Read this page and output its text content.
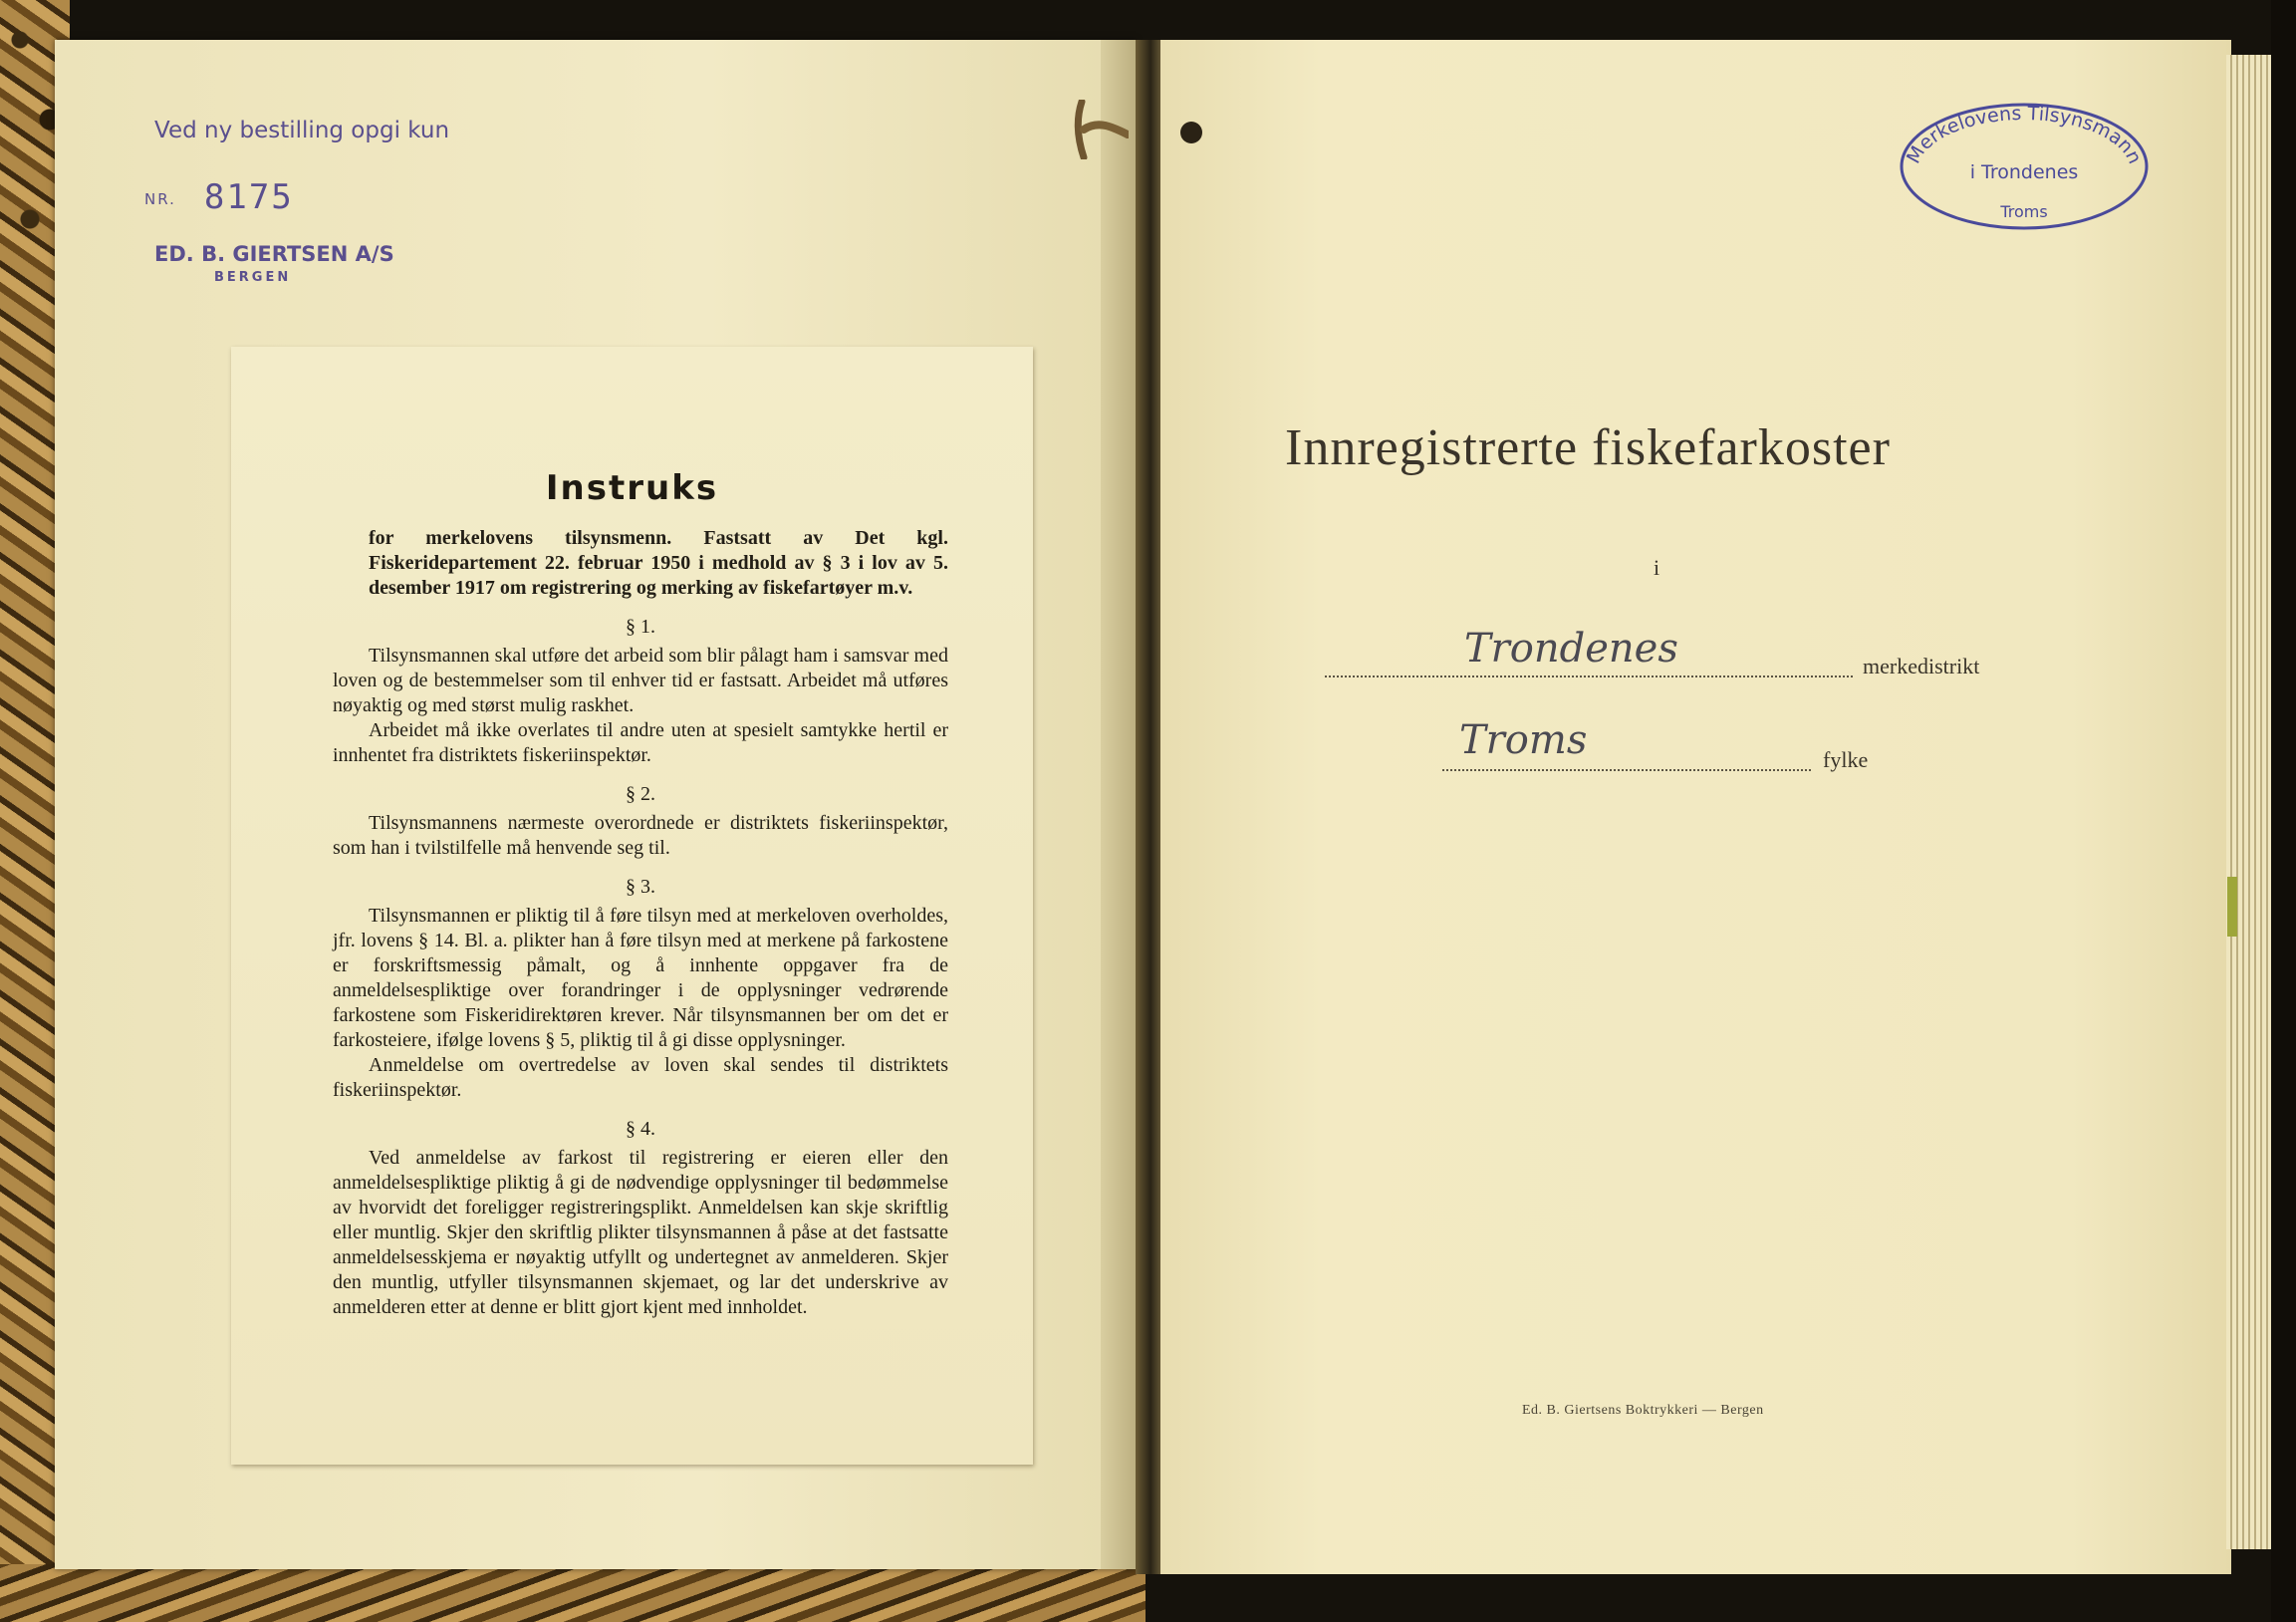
Ved ny bestilling opgi kun
NR. 8175
ED. B. GIERTSEN A/S
BERGEN
Instruks

for merkelovens tilsynsmenn. Fastsatt av Det kgl. Fiskeridepartement 22. februar 1950 i medhold av § 3 i lov av 5. desember 1917 om registrering og merking av fiskefartøyer m.v.

§ 1.

Tilsynsmannen skal utføre det arbeid som blir pålagt ham i samsvar med loven og de bestemmelser som til enhver tid er fastsatt. Arbeidet må utføres nøyaktig og med størst mulig raskhet.

Arbeidet må ikke overlates til andre uten at spesielt samtykke hertil er innhentet fra distriktets fiskeriinspektør.

§ 2.

Tilsynsmannens nærmeste overordnede er distriktets fiskeriinspektør, som han i tvilstilfelle må henvende seg til.

§ 3.

Tilsynsmannen er pliktig til å føre tilsyn med at merkeloven overholdes, jfr. lovens § 14. Bl. a. plikter han å føre tilsyn med at merkene på farkostene er forskriftsmessig påmalt, og å innhente oppgaver fra de anmeldelsespliktige over forandringer i de opplysninger vedrørende farkostene som Fiskeridirektøren krever. Når tilsynsmannen ber om det er farkosteiere, ifølge lovens § 5, pliktig til å gi disse opplysninger.

Anmeldelse om overtredelse av loven skal sendes til distriktets fiskeriinspektør.

§ 4.

Ved anmeldelse av farkost til registrering er eieren eller den anmeldelsespliktige pliktig å gi de nødvendige opplysninger til bedømmelse av hvorvidt det foreligger registreringsplikt. Anmeldelsen kan skje skriftlig eller muntlig. Skjer den skriftlig plikter tilsynsmannen å påse at det fastsatte anmeldelsesskjema er nøyaktig utfyllt og undertegnet av anmelderen. Skjer den muntlig, utfyller tilsynsmannen skjemaet, og lar det underskrive av anmelderen etter at denne er blitt gjort kjent med innholdet.

Merkelovens Tilsynsmann
i Trondenes
Troms
Innregistrerte fiskefarkoster
i
Trondenes	merkedistrikt
Troms	fylke
Ed. B. Giertsens Boktrykkeri — Bergen
